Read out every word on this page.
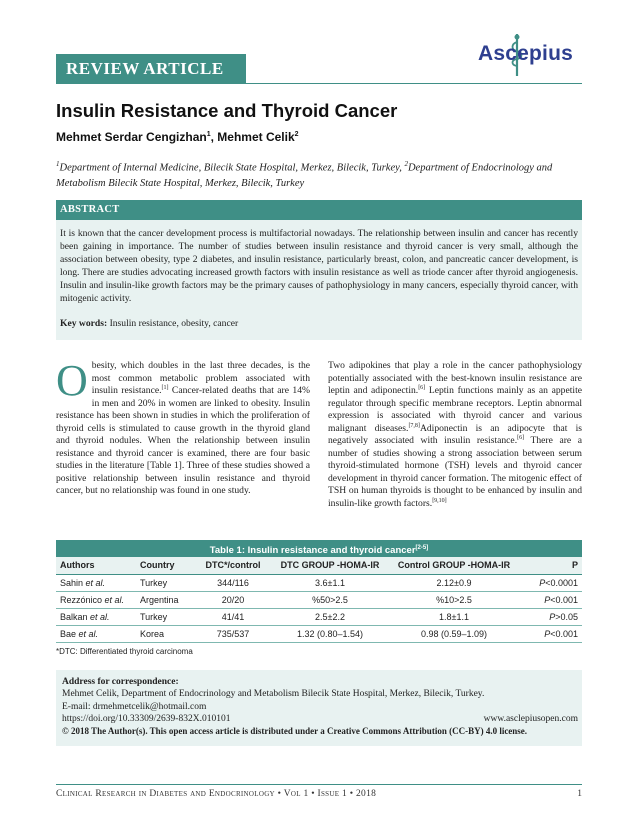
REVIEW ARTICLE
Ascepius
Insulin Resistance and Thyroid Cancer
Mehmet Serdar Cengizhan$^1$, Mehmet Celik$^2$
$^1$Department of Internal Medicine, Bilecik State Hospital, Merkez, Bilecik, Turkey, $^2$Department of Endocrinology and Metabolism Bilecik State Hospital, Merkez, Bilecik, Turkey
ABSTRACT

It is known that the cancer development process is multifactorial nowadays. The relationship between insulin and cancer has recently been gaining in importance. The number of studies between insulin resistance and thyroid cancer is very small, although the association between obesity, type 2 diabetes, and insulin resistance, particularly breast, colon, and pancreatic cancer development, is long. There are studies advocating increased growth factors with insulin resistance as well as triode cancer after thyroid angiogenesis. Insulin and insulin-like growth factors may be the primary causes of pathophysiology in many cancers, especially thyroid cancer, with mitogenic activity.

Key words: Insulin resistance, obesity, cancer

Obesity, which doubles in the last three decades, is the most common metabolic problem associated with insulin resistance.[1] Cancer-related deaths that are 14% in men and 20% in women are linked to obesity. Insulin resistance has been shown in studies in which the proliferation of thyroid cells is stimulated to cause growth in the thyroid gland and thyroid nodules. When the relationship between insulin resistance and thyroid cancer is examined, there are four basic studies in the literature [Table 1]. Three of these studies showed a positive relationship between insulin resistance and thyroid cancer, but no relationship was found in one study.
Two adipokines that play a role in the cancer pathophysiology potentially associated with the best-known insulin resistance are leptin and adiponectin.[6] Leptin functions mainly as an appetite regulator through specific membrane receptors. Leptin abnormal expression is associated with thyroid cancer and various malignant diseases.[7,8]Adiponectin is an adipocyte that is negatively associated with insulin resistance.[6] There are a number of studies showing a strong association between serum thyroid-stimulated hormone (TSH) levels and thyroid cancer development in thyroid cancer formation. The mitogenic effect of TSH on human thyroids is thought to be enhanced by insulin and insulin-like growth factors.[9,10]
Table 1: Insulin resistance and thyroid cancer[2-5]
Authors	Country	DTC*/control	DTC GROUP -HOMA-IR	Control GROUP -HOMA-IR	P
Sahin et al.	Turkey	344/116	3.6±1.1	2.12±0.9	P<0.0001
Rezzónico et al.	Argentina	20/20	%50>2.5	%10>2.5	P<0.001
Balkan et al.	Turkey	41/41	2.5±2.2	1.8±1.1	P>0.05
Bae et al.	Korea	735/537	1.32 (0.80–1.54)	0.98 (0.59–1.09)	P<0.001
*DTC: Differentiated thyroid carcinoma
Address for correspondence:
Mehmet Celik, Department of Endocrinology and Metabolism Bilecik State Hospital, Merkez, Bilecik, Turkey.
E-mail: drmehmetcelik@hotmail.com
https://doi.org/10.33309/2639-832X.010101	www.asclepiusopen.com
© 2018 The Author(s). This open access article is distributed under a Creative Commons Attribution (CC-BY) 4.0 license.
Clinical Research in Diabetes and Endocrinology • Vol 1 • Issue 1 • 2018	1
